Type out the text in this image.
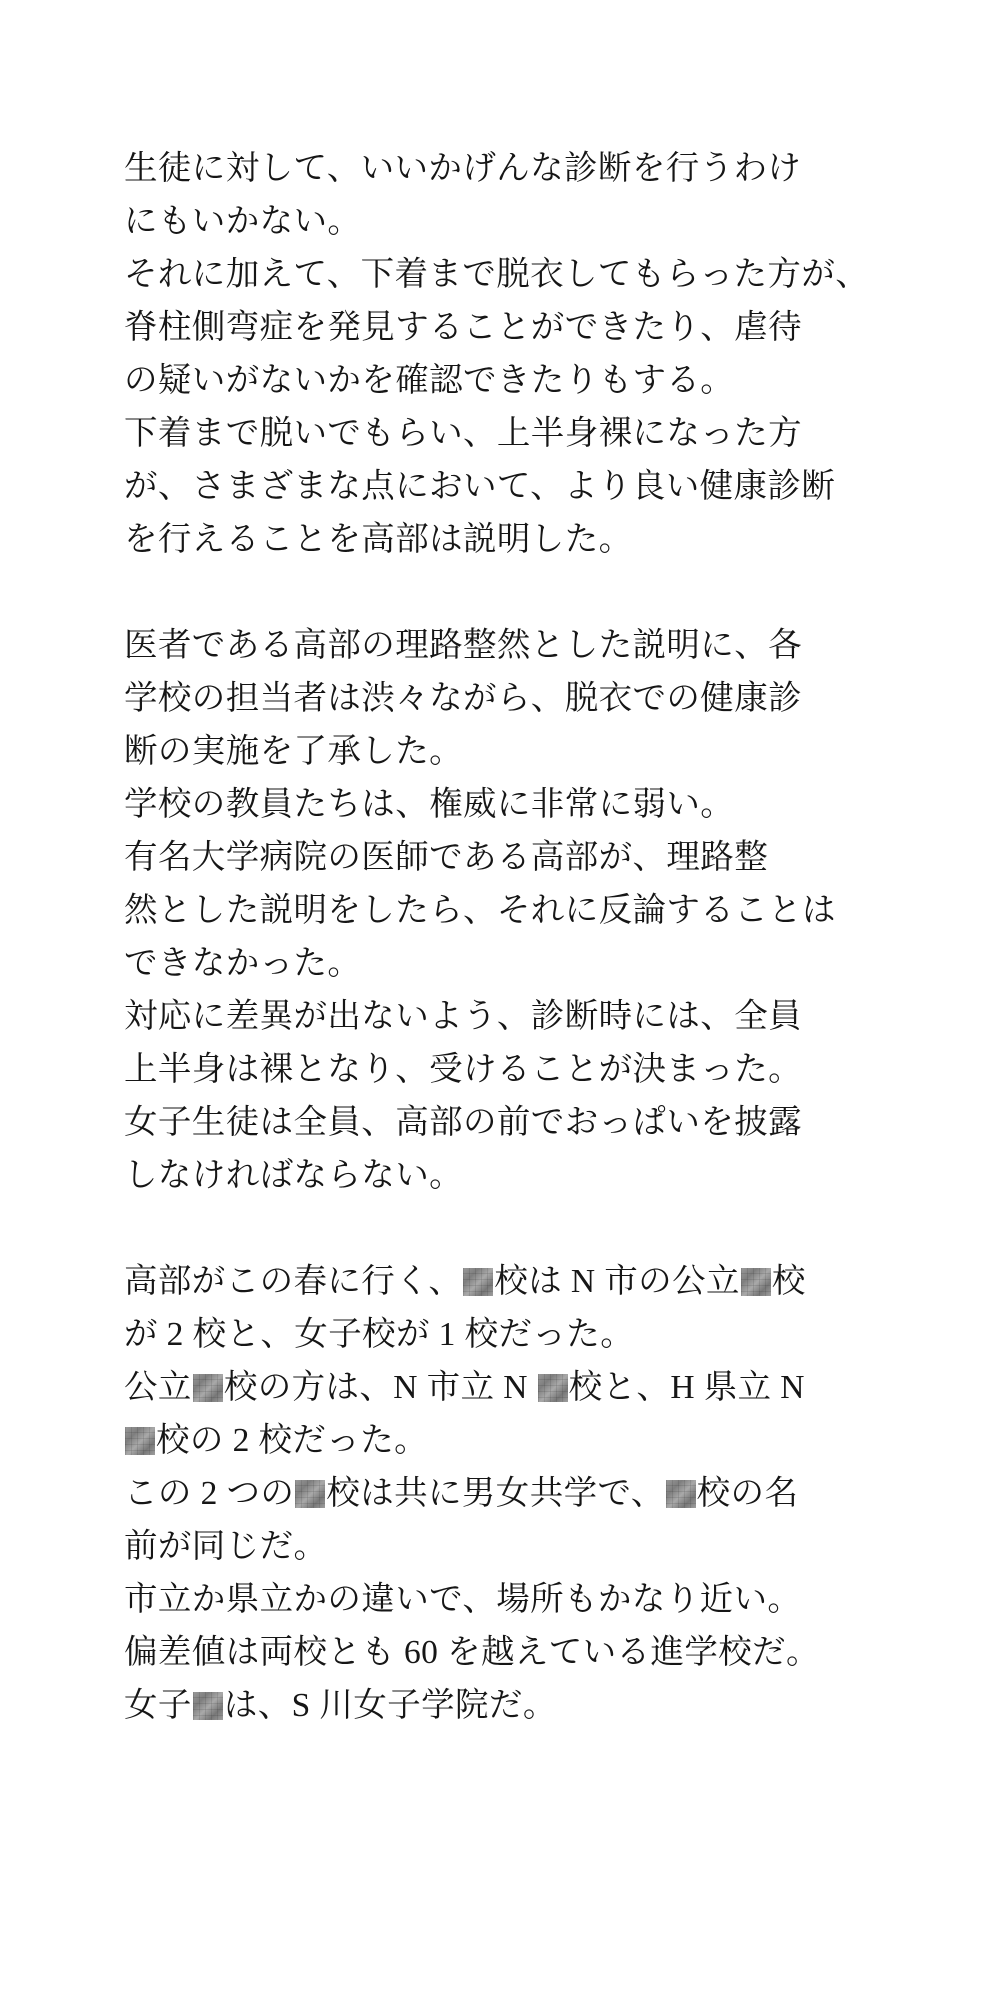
生徒に対して、いいかげんな診断を行うわけ
にもいかない。
それに加えて、下着まで脱衣してもらった方が、
脊柱側弯症を発見することができたり、虐待
の疑いがないかを確認できたりもする。
下着まで脱いでもらい、上半身裸になった方
が、さまざまな点において、より良い健康診断
を行えることを高部は説明した。
医者である高部の理路整然とした説明に、各
学校の担当者は渋々ながら、脱衣での健康診
断の実施を了承した。
学校の教員たちは、権威に非常に弱い。
有名大学病院の医師である高部が、理路整
然とした説明をしたら、それに反論することは
できなかった。
対応に差異が出ないよう、診断時には、全員
上半身は裸となり、受けることが決まった。
女子生徒は全員、高部の前でおっぱいを披露
しなければならない。
高部がこの春に行く、 校は N 市の公立 校
が 2 校と、女子校が 1 校だった。
公立 校の方は、N 市立 N 校と、H 県立 N
校の 2 校だった。
この 2 つの 校は共に男女共学で、 校の名
前が同じだ。
市立か県立かの違いで、場所もかなり近い。
偏差値は両校とも 60 を越えている進学校だ。
女子 は、S 川女子学院だ。
